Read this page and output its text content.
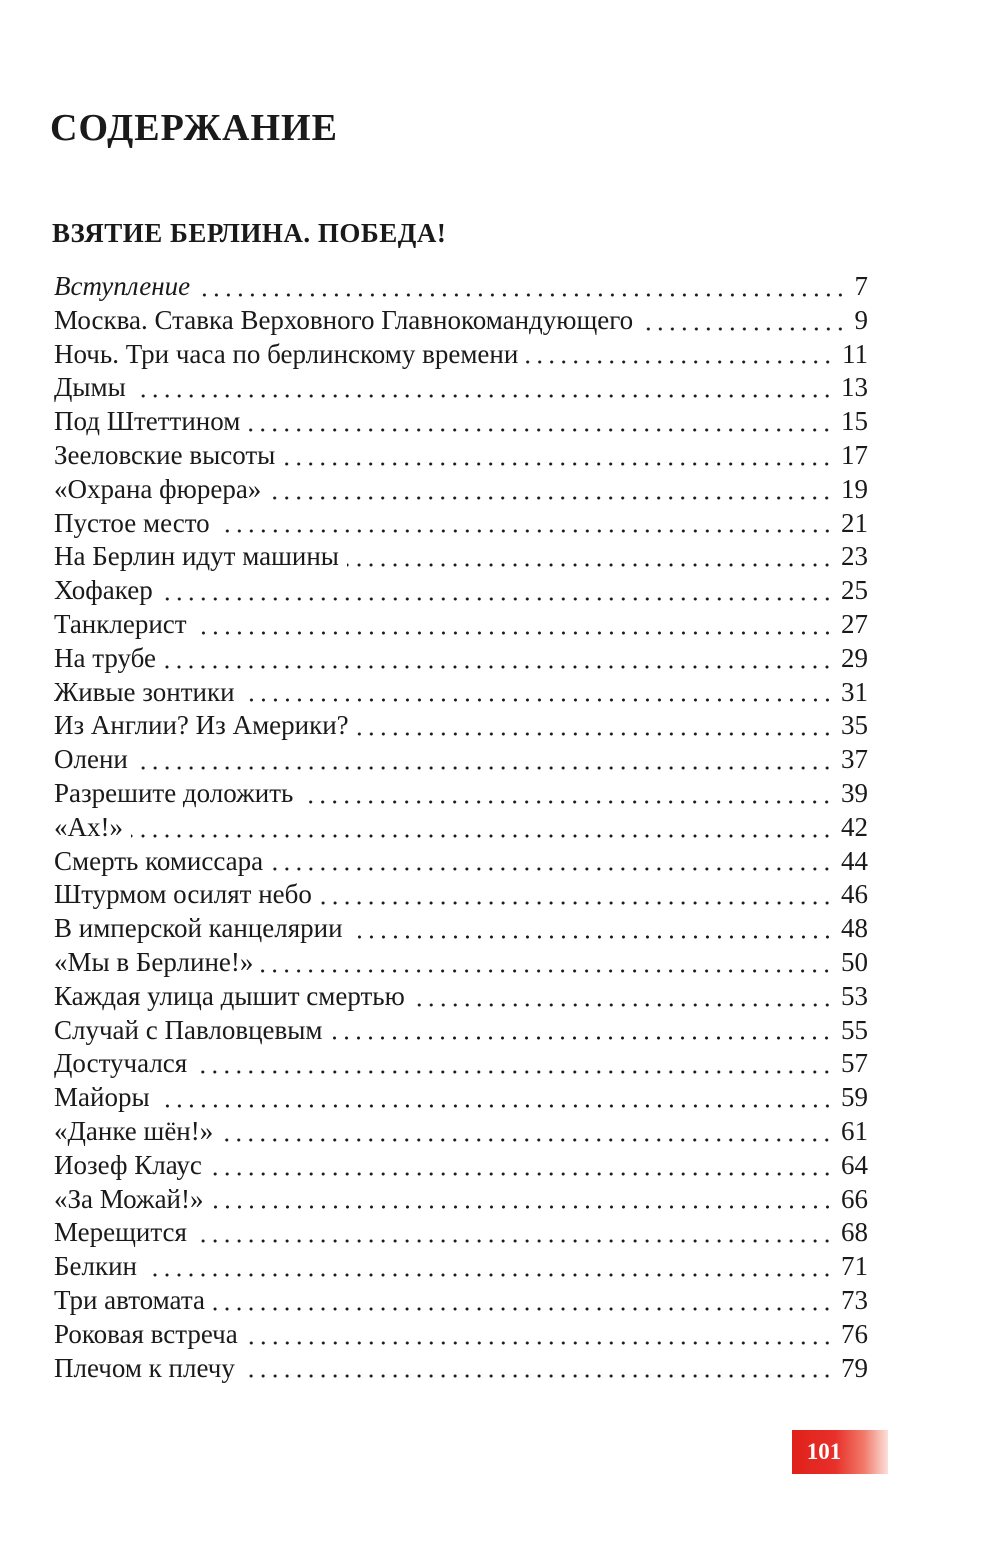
СОДЕРЖАНИЕ
ВЗЯТИЕ БЕРЛИНА. ПОБЕДА!
Вступление	7
Москва. Ставка Верховного Главнокомандующего	9
Ночь. Три часа по берлинскому времени	11
Дымы	13
Под Штеттином	15
Зееловские высоты	17
«Охрана фюрера»	19
Пустое место	21
На Берлин идут машины	23
Хофакер	25
Танклерист	27
На трубе	29
Живые зонтики	31
Из Англии? Из Америки?	35
Олени	37
Разрешите доложить	39
«Ах!»	42
Смерть комиссара	44
Штурмом осилят небо	46
В имперской канцелярии	48
«Мы в Берлине!»	50
Каждая улица дышит смертью	53
Случай с Павловцевым	55
Достучался	57
Майоры	59
«Данке шён!»	61
Иозеф Клаус	64
«За Можай!»	66
Мерещится	68
Белкин	71
Три автомата	73
Роковая встреча	76
Плечом к плечу	79
101
